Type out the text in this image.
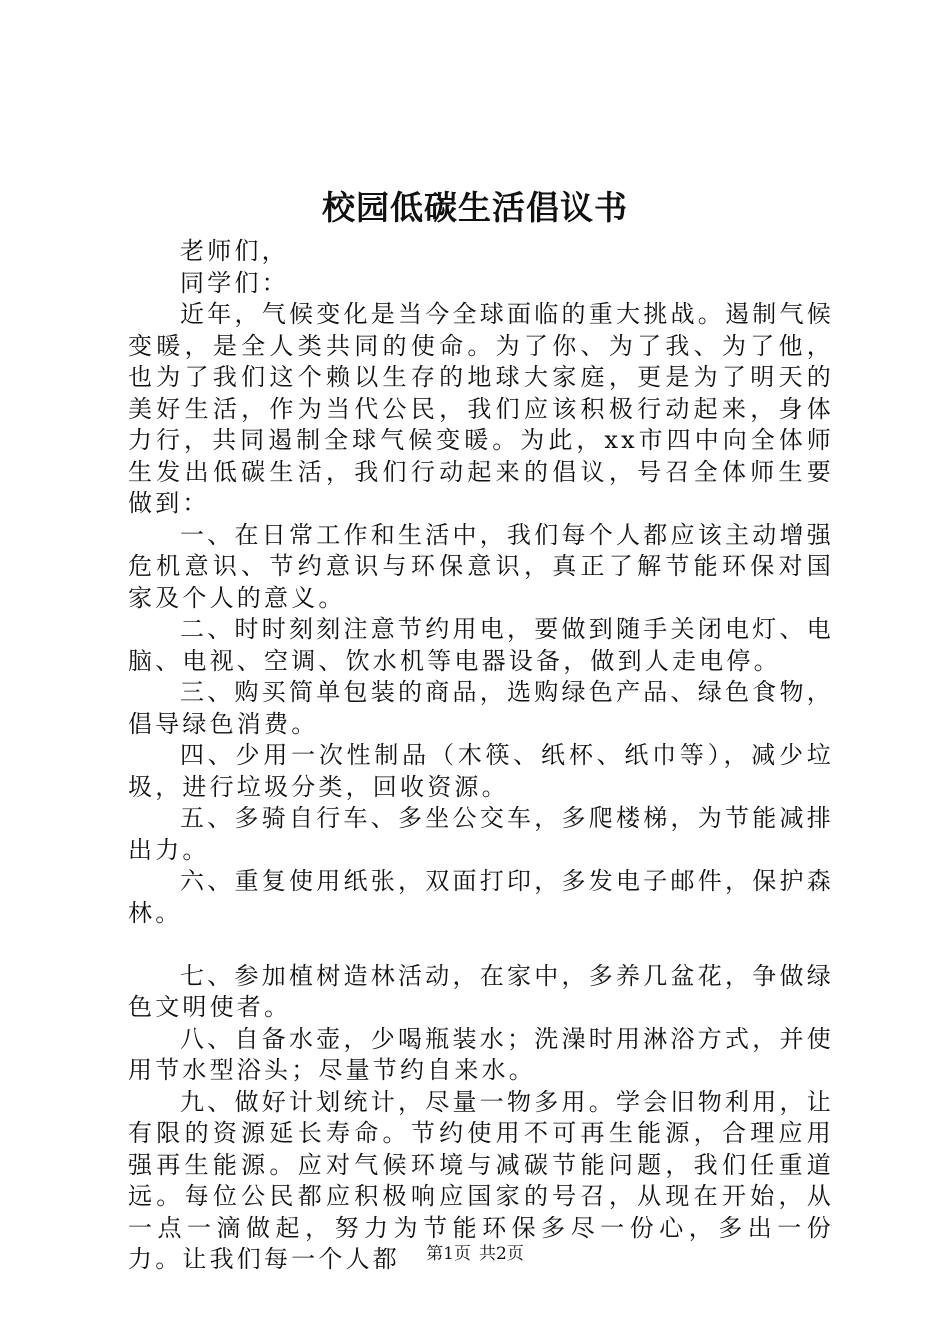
校园低碳生活倡议书

老师们，

同学们：

近年，气候变化是当今全球面临的重大挑战。遏制气候变暖，是全人类共同的使命。为了你、为了我、为了他，也为了我们这个赖以生存的地球大家庭，更是为了明天的美好生活，作为当代公民，我们应该积极行动起来，身体力行，共同遏制全球气候变暖。为此，xx市四中向全体师生发出低碳生活，我们行动起来的倡议，号召全体师生要做到：

一、在日常工作和生活中，我们每个人都应该主动增强危机意识、节约意识与环保意识，真正了解节能环保对国家及个人的意义。

二、时时刻刻注意节约用电，要做到随手关闭电灯、电脑、电视、空调、饮水机等电器设备，做到人走电停。

三、购买简单包装的商品，选购绿色产品、绿色食物，倡导绿色消费。

四、少用一次性制品（木筷、纸杯、纸巾等），减少垃圾，进行垃圾分类，回收资源。

五、多骑自行车、多坐公交车，多爬楼梯，为节能减排出力。

六、重复使用纸张，双面打印，多发电子邮件，保护森林。

七、参加植树造林活动，在家中，多养几盆花，争做绿色文明使者。

八、自备水壶，少喝瓶装水；洗澡时用淋浴方式，并使用节水型浴头；尽量节约自来水。

九、做好计划统计，尽量一物多用。学会旧物利用，让有限的资源延长寿命。节约使用不可再生能源，合理应用强再生能源。应对气候环境与减碳节能问题，我们任重道远。每位公民都应积极响应国家的号召，从现在开始，从一点一滴做起，努力为节能环保多尽一份心，多出一份力。让我们每一个人都	第1页 共2页
